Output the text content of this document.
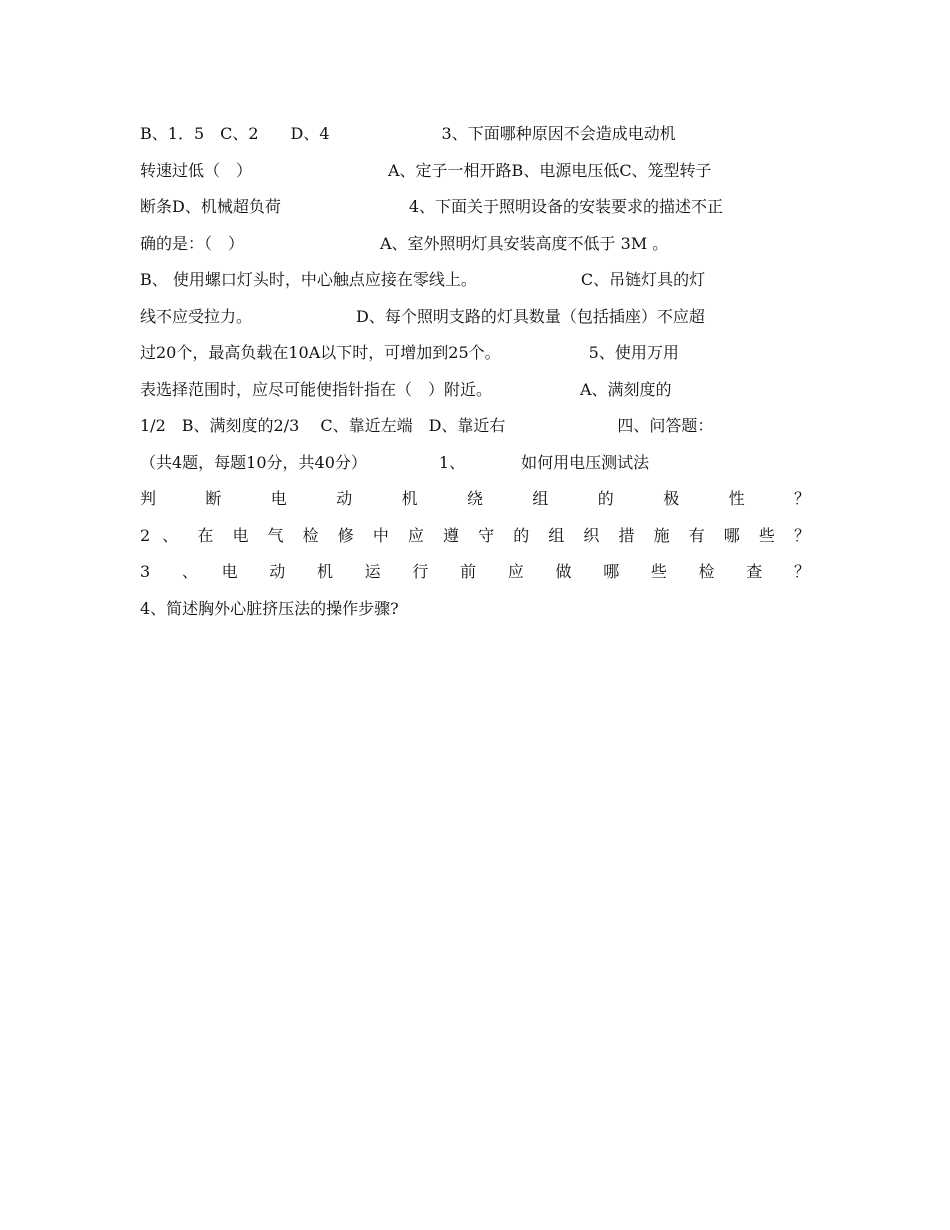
B、1．5　C、2　　D、4　　　　　　　3、下面哪种原因不会造成电动机
转速过低（　）　　　　　　　　　A、定子一相开路B、电源电压低C、笼型转子
断条D、机械超负荷　　　　　　　　4、下面关于照明设备的安装要求的描述不正
确的是：（　）　　　　　　　　　A、室外照明灯具安装高度不低于 3M 。
B、 使用螺口灯头时，中心触点应接在零线上。　　　　　　　C、吊链灯具的灯
线不应受拉力。　　　　　　　D、每个照明支路的灯具数量（包括插座）不应超
过20个，最高负载在10A以下时，可增加到25个。　　　　　　5、使用万用
表选择范围时，应尽可能使指针指在（　）附近。　　　　　　A、满刻度的
1/2　B、满刻度的2/3　 C、靠近左端　D、靠近右　　　　　　　四、问答题：
（共4题，每题10分，共40分）　　　　　1、　　　　如何用电压测试法
判　断　电　动　机　绕　组　的　极　性　？
2 、 在 电 气 检 修 中 应 遵 守 的 组 织 措 施 有 哪 些 ？
3　、　电　动　机　运　行　前　应　做　哪　些　检　查　？
4、简述胸外心脏挤压法的操作步骤?
